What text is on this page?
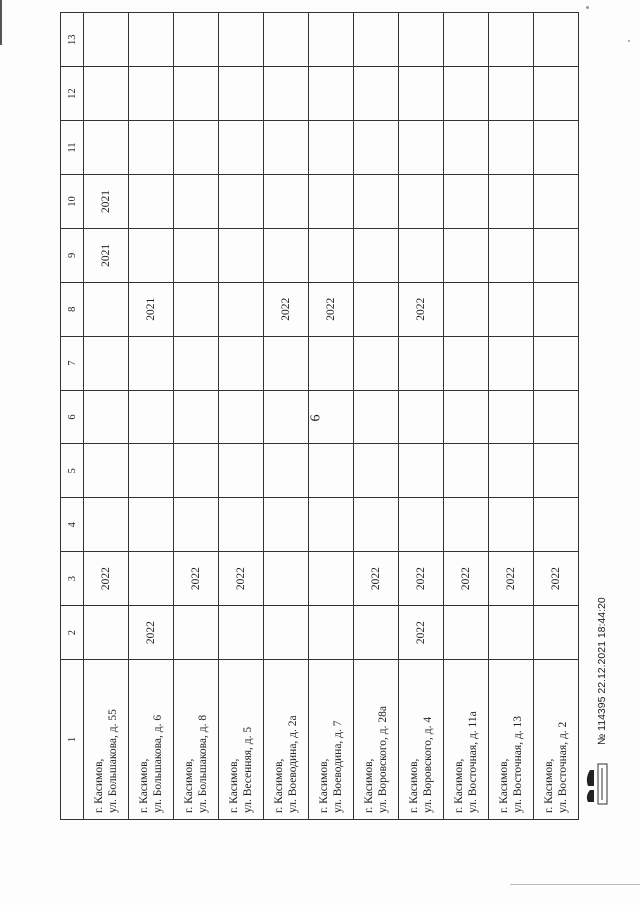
6
1	2	3	4	5	6	7	8	9	10	11	12	13

г. Касимов, ул. Большакова, д. 55		2022						2021	2021			

г. Касимов, ул. Большакова, д. 6	2022						2021					

г. Касимов, ул. Большакова, д. 8		2022										

г. Касимов, ул. Весенняя, д. 5		2022										

г. Касимов, ул. Воеводина, д. 2а							2022					

г. Касимов, ул. Воеводина, д. 7							2022					

г. Касимов, ул. Воровского, д. 28а		2022										

г. Касимов, ул. Воровского, д. 4	2022	2022					2022					

г. Касимов, ул. Восточная, д. 11а		2022										

г. Касимов, ул. Восточная, д. 13		2022										

г. Касимов, ул. Восточная, д. 2		2022										
№ 114395 22.12.2021 18:44:20
